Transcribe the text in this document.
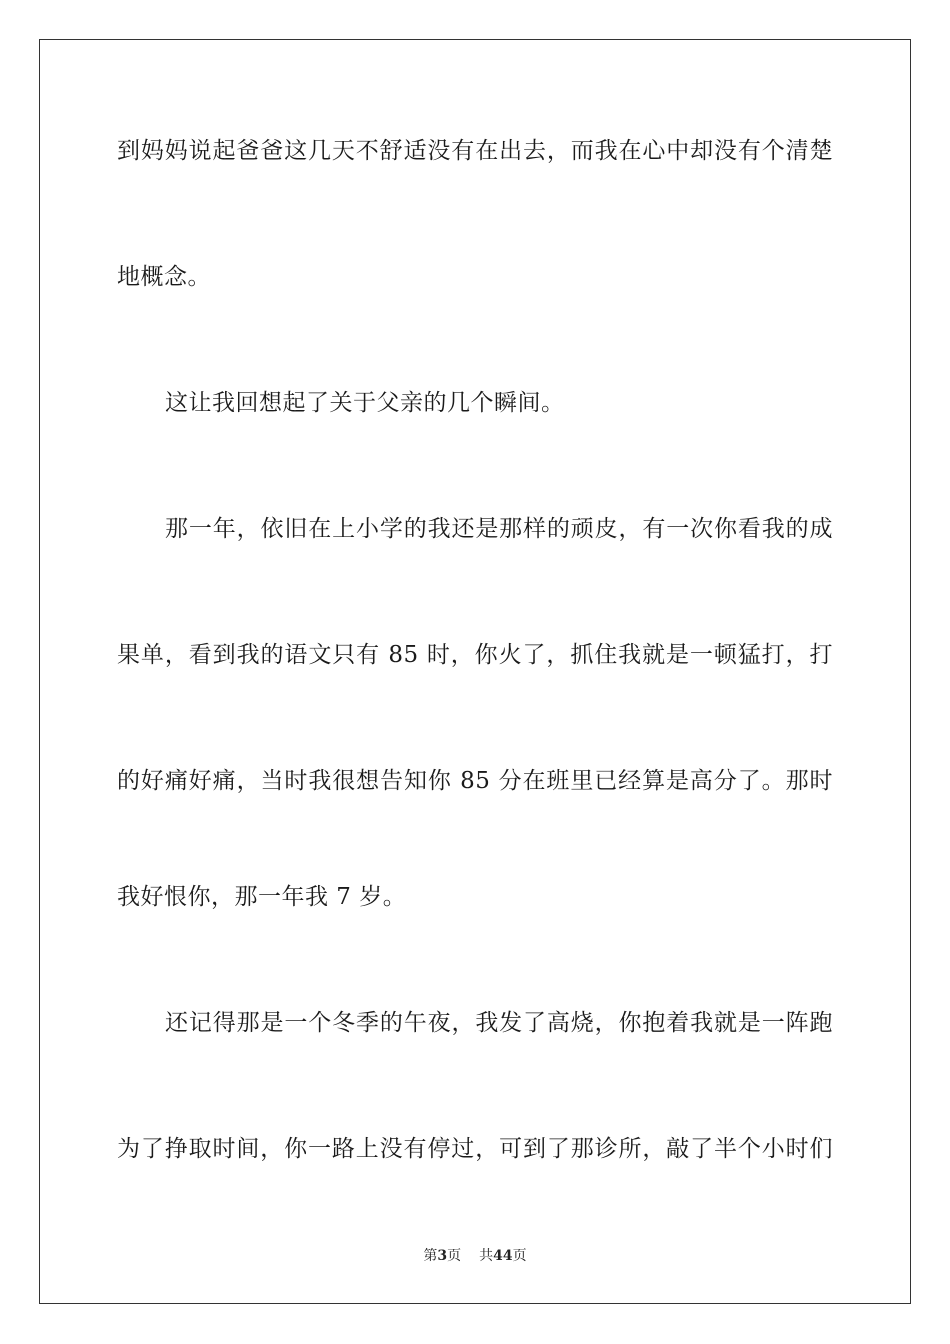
到妈妈说起爸爸这几天不舒适没有在出去，而我在心中却没有个清楚
地概念。
这让我回想起了关于父亲的几个瞬间。
那一年，依旧在上小学的我还是那样的顽皮，有一次你看我的成
果单，看到我的语文只有 85 时，你火了，抓住我就是一顿猛打，打
的好痛好痛，当时我很想告知你 85 分在班里已经算是高分了。那时
我好恨你，那一年我 7 岁。
还记得那是一个冬季的午夜，我发了高烧，你抱着我就是一阵跑
为了挣取时间，你一路上没有停过，可到了那诊所，敲了半个小时们
第3页 共44页
